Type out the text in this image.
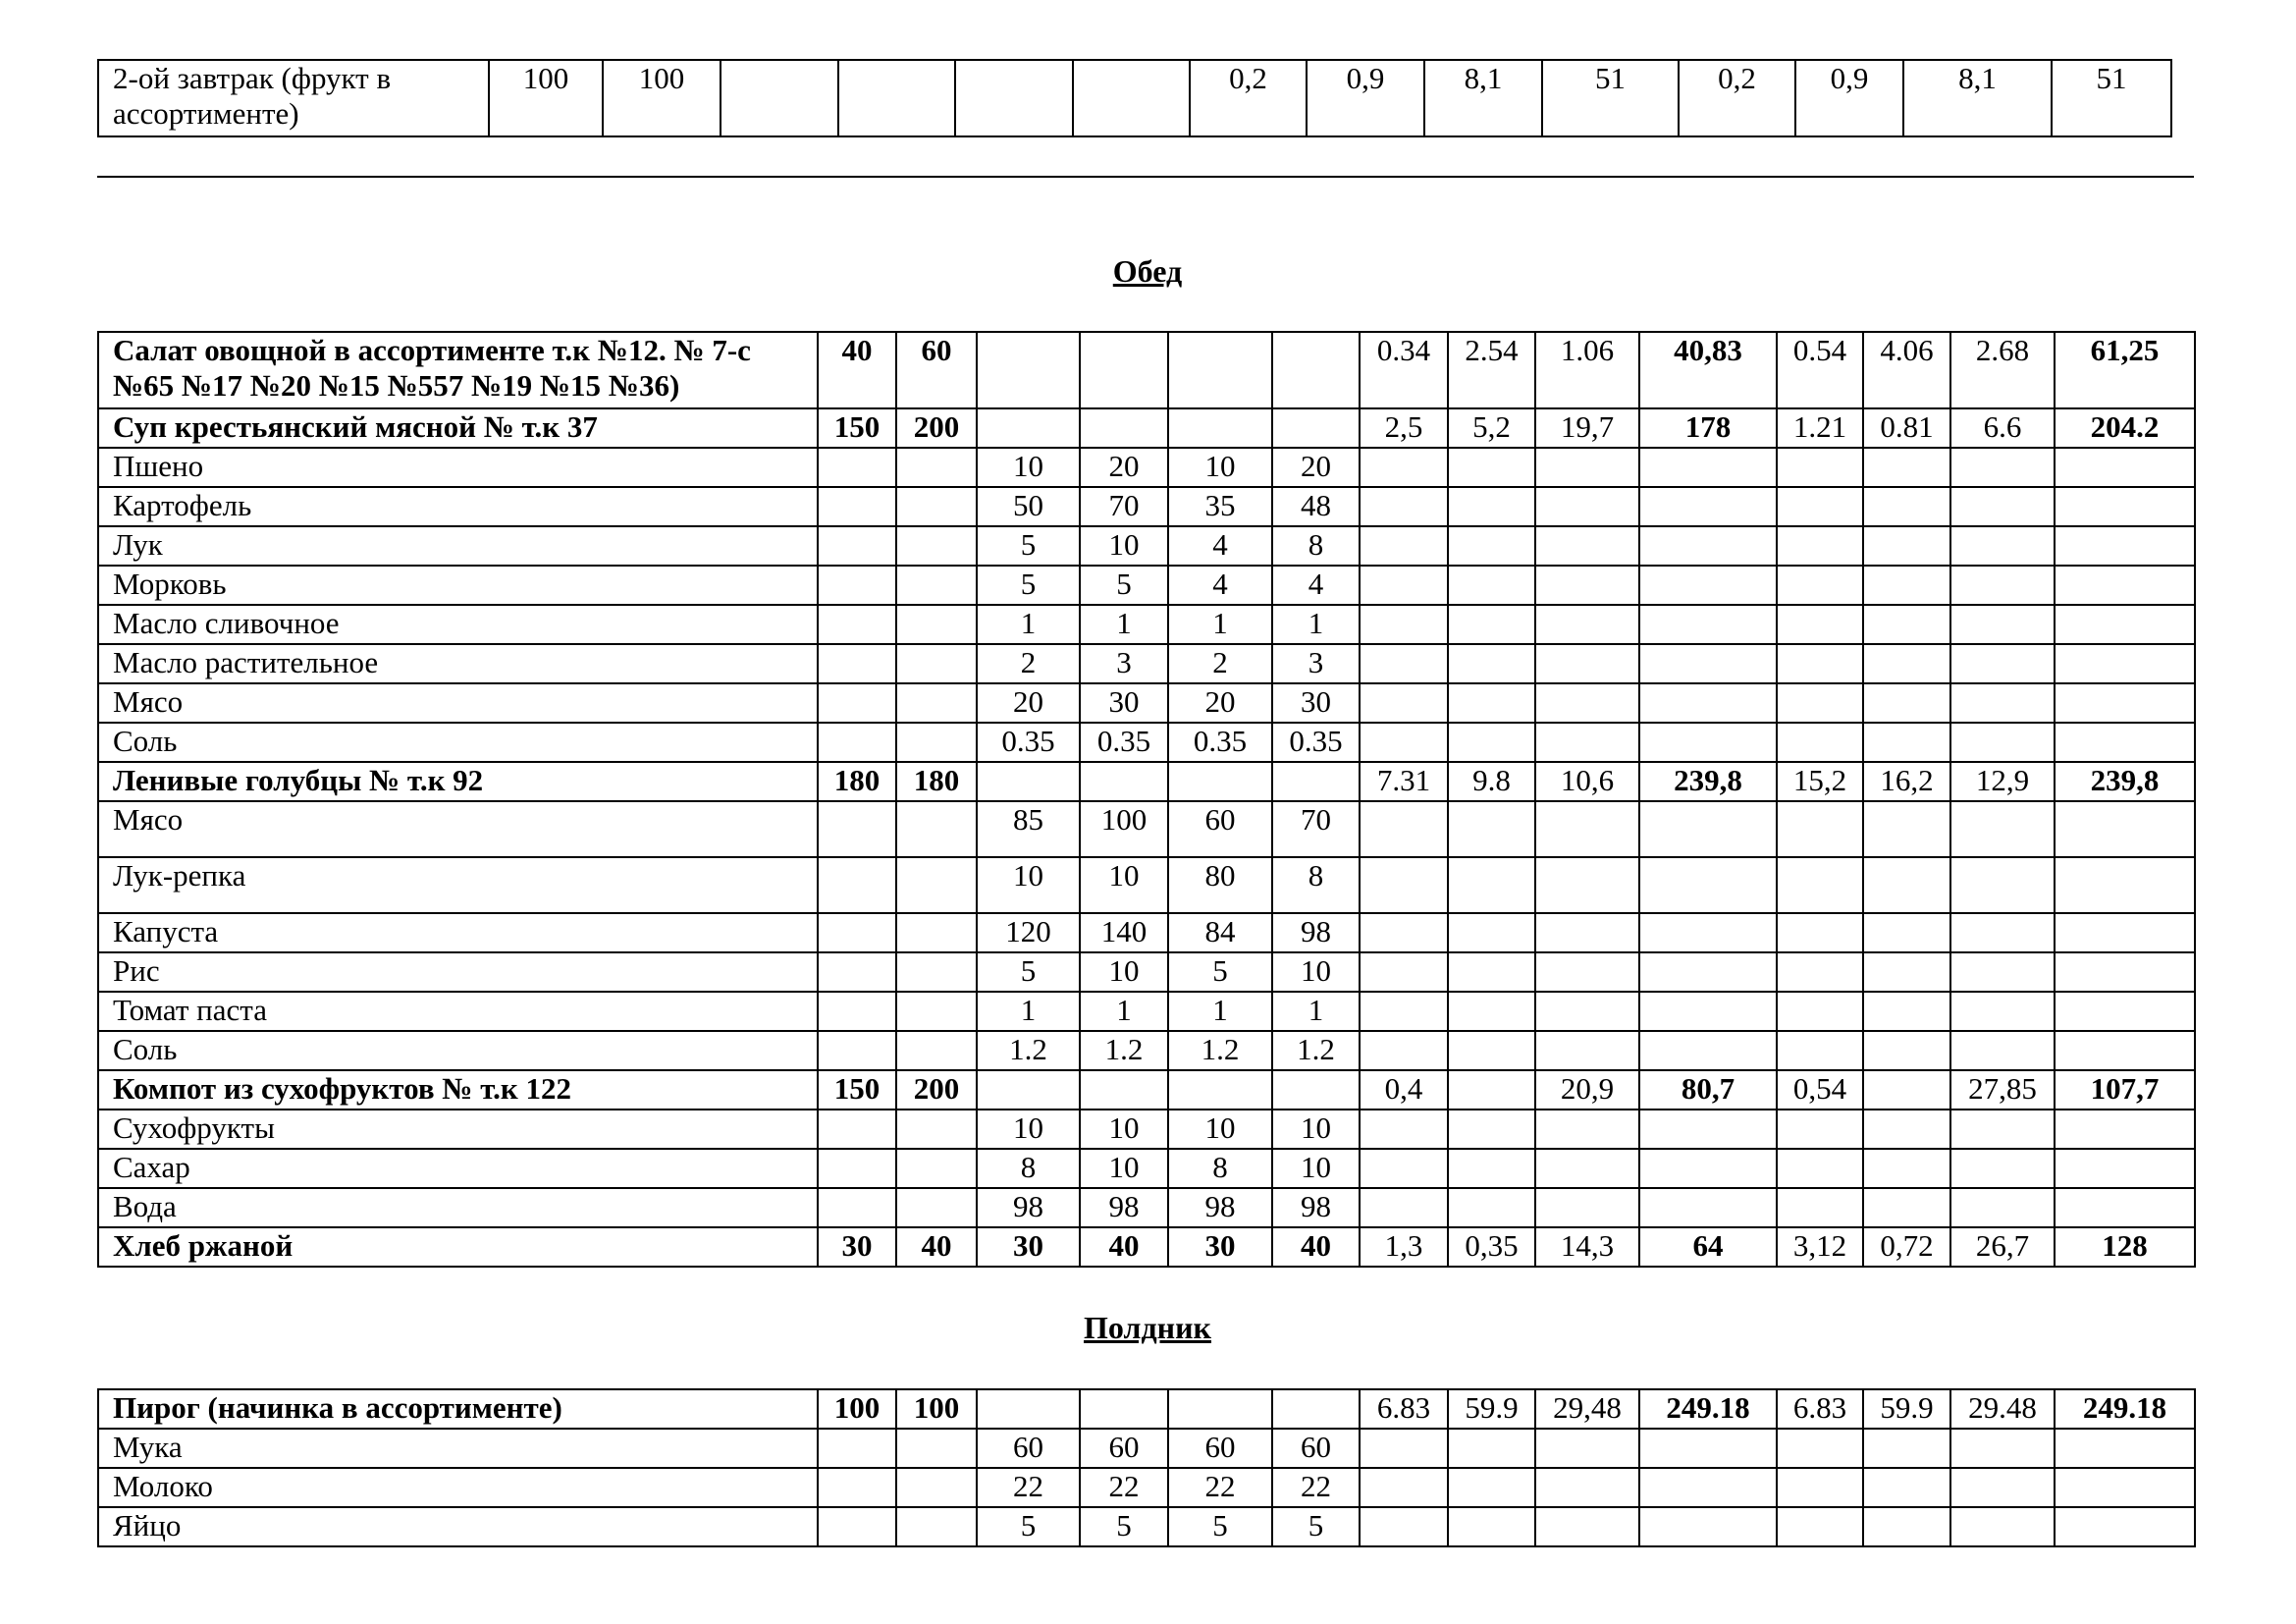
2-ой завтрак (фрукт в ассортименте)	100	100					0,2	0,9	8,1	51	0,2	0,9	8,1	51
Обед
Салат овощной в ассортименте т.к №12. № 7-с №65 №17 №20 №15 №557 №19 №15 №36)	40	60					0.34	2.54	1.06	40,83	0.54	4.06	2.68	61,25
Суп крестьянский мясной № т.к 37	150	200					2,5	5,2	19,7	178	1.21	0.81	6.6	204.2
Пшено			10	20	10	20								
Картофель			50	70	35	48								
Лук			5	10	4	8								
Морковь			5	5	4	4								
Масло сливочное			1	1	1	1								
Масло растительное			2	3	2	3								
Мясо			20	30	20	30								
Соль			0.35	0.35	0.35	0.35								
Ленивые голубцы № т.к 92	180	180					7.31	9.8	10,6	239,8	15,2	16,2	12,9	239,8
Мясо			85	100	60	70								
Лук-репка			10	10	80	8								
Капуста			120	140	84	98								
Рис			5	10	5	10								
Томат паста			1	1	1	1								
Соль			1.2	1.2	1.2	1.2								
Компот из сухофруктов № т.к 122	150	200					0,4		20,9	80,7	0,54		27,85	107,7
Сухофрукты			10	10	10	10								
Сахар			8	10	8	10								
Вода			98	98	98	98								
Хлеб ржаной	30	40	30	40	30	40	1,3	0,35	14,3	64	3,12	0,72	26,7	128
Полдник
Пирог (начинка в ассортименте)	100	100					6.83	59.9	29,48	249.18	6.83	59.9	29.48	249.18
Мука			60	60	60	60								
Молоко			22	22	22	22								
Яйцо			5	5	5	5								
